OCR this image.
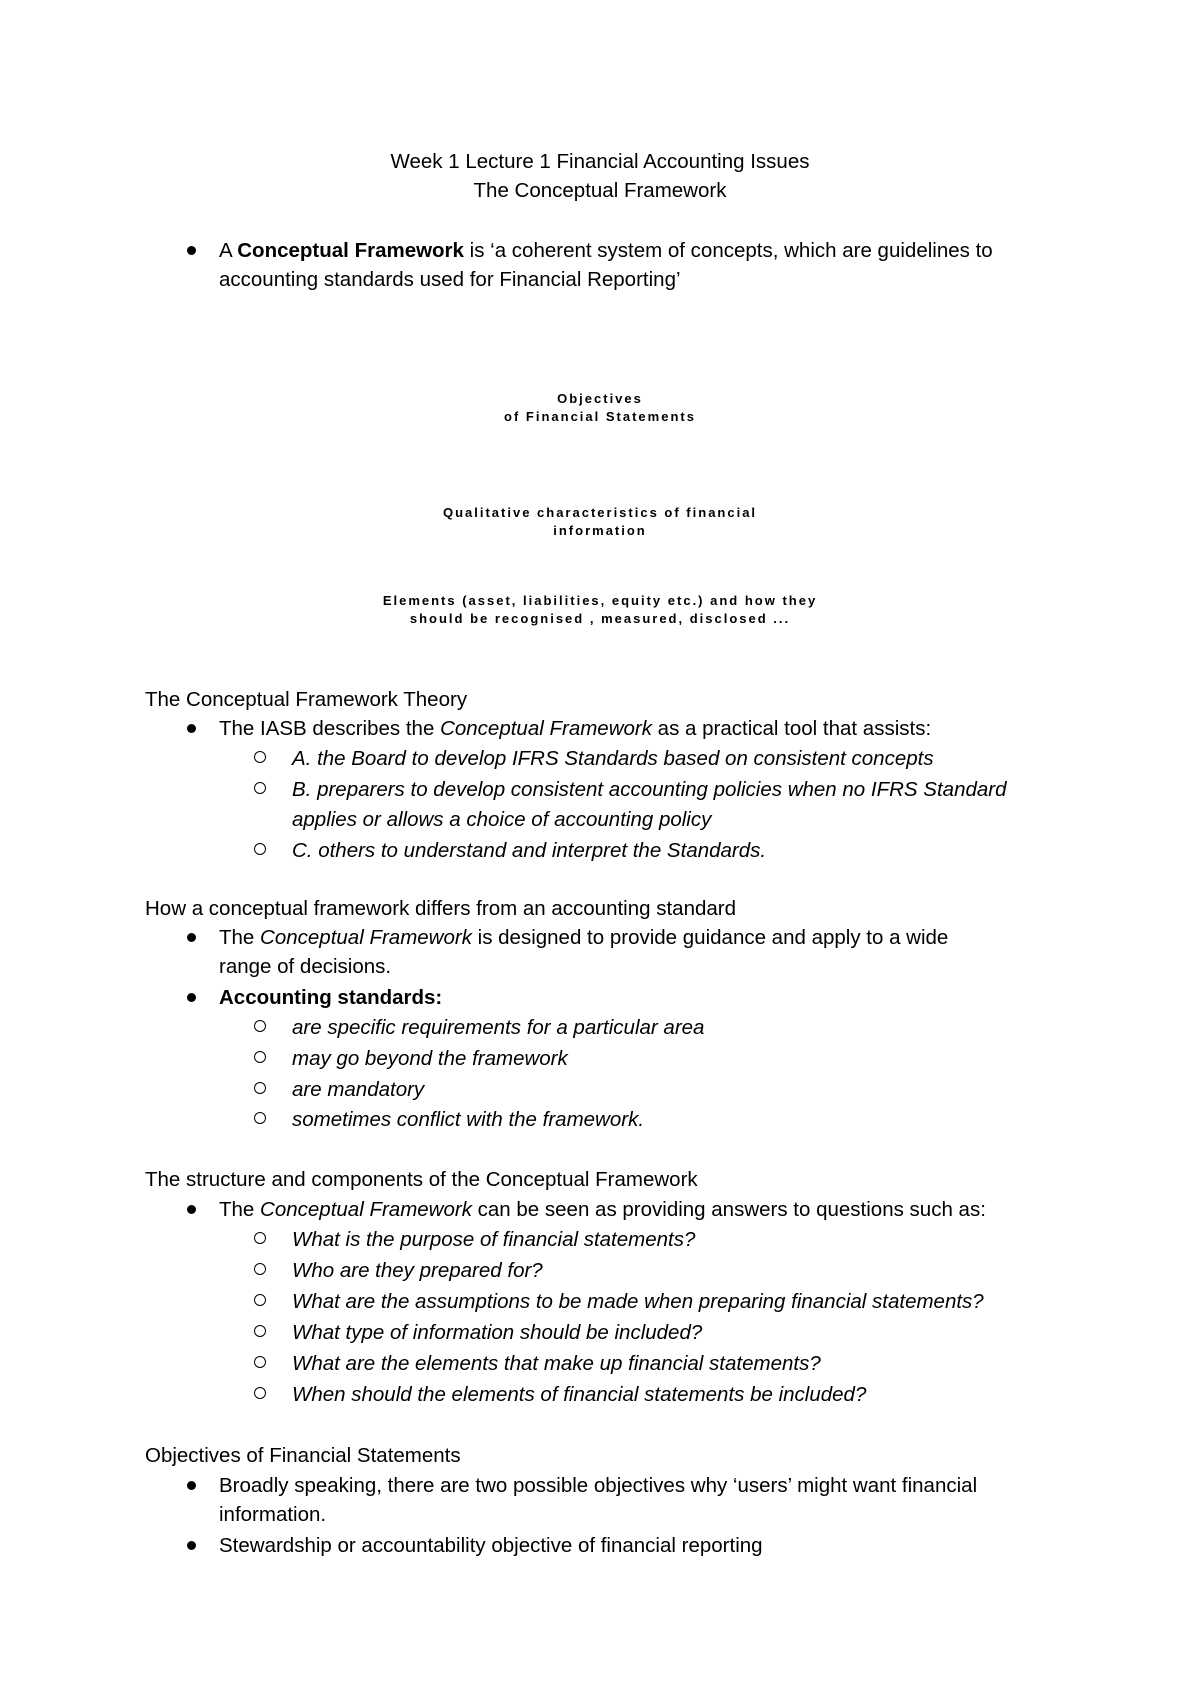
Week 1 Lecture 1 Financial Accounting Issues
The Conceptual Framework
A Conceptual Framework is ‘a coherent system of concepts, which are guidelines to
accounting standards used for Financial Reporting’
Objectives
of Financial Statements
Qualitative characteristics of financial
information
Elements (asset, liabilities, equity etc.) and how they
should be recognised , measured, disclosed ...
The Conceptual Framework Theory
The IASB describes the Conceptual Framework as a practical tool that assists:
A. the Board to develop IFRS Standards based on consistent concepts
B. preparers to develop consistent accounting policies when no IFRS Standard
applies or allows a choice of accounting policy
C. others to understand and interpret the Standards.
How a conceptual framework differs from an accounting standard
The Conceptual Framework is designed to provide guidance and apply to a wide
range of decisions.
Accounting standards:
are specific requirements for a particular area
may go beyond the framework
are mandatory
sometimes conflict with the framework.
The structure and components of the Conceptual Framework
The Conceptual Framework can be seen as providing answers to questions such as:
What is the purpose of financial statements?
Who are they prepared for?
What are the assumptions to be made when preparing financial statements?
What type of information should be included?
What are the elements that make up financial statements?
When should the elements of financial statements be included?
Objectives of Financial Statements
Broadly speaking, there are two possible objectives why ‘users’ might want financial
information.
Stewardship or accountability objective of financial reporting
